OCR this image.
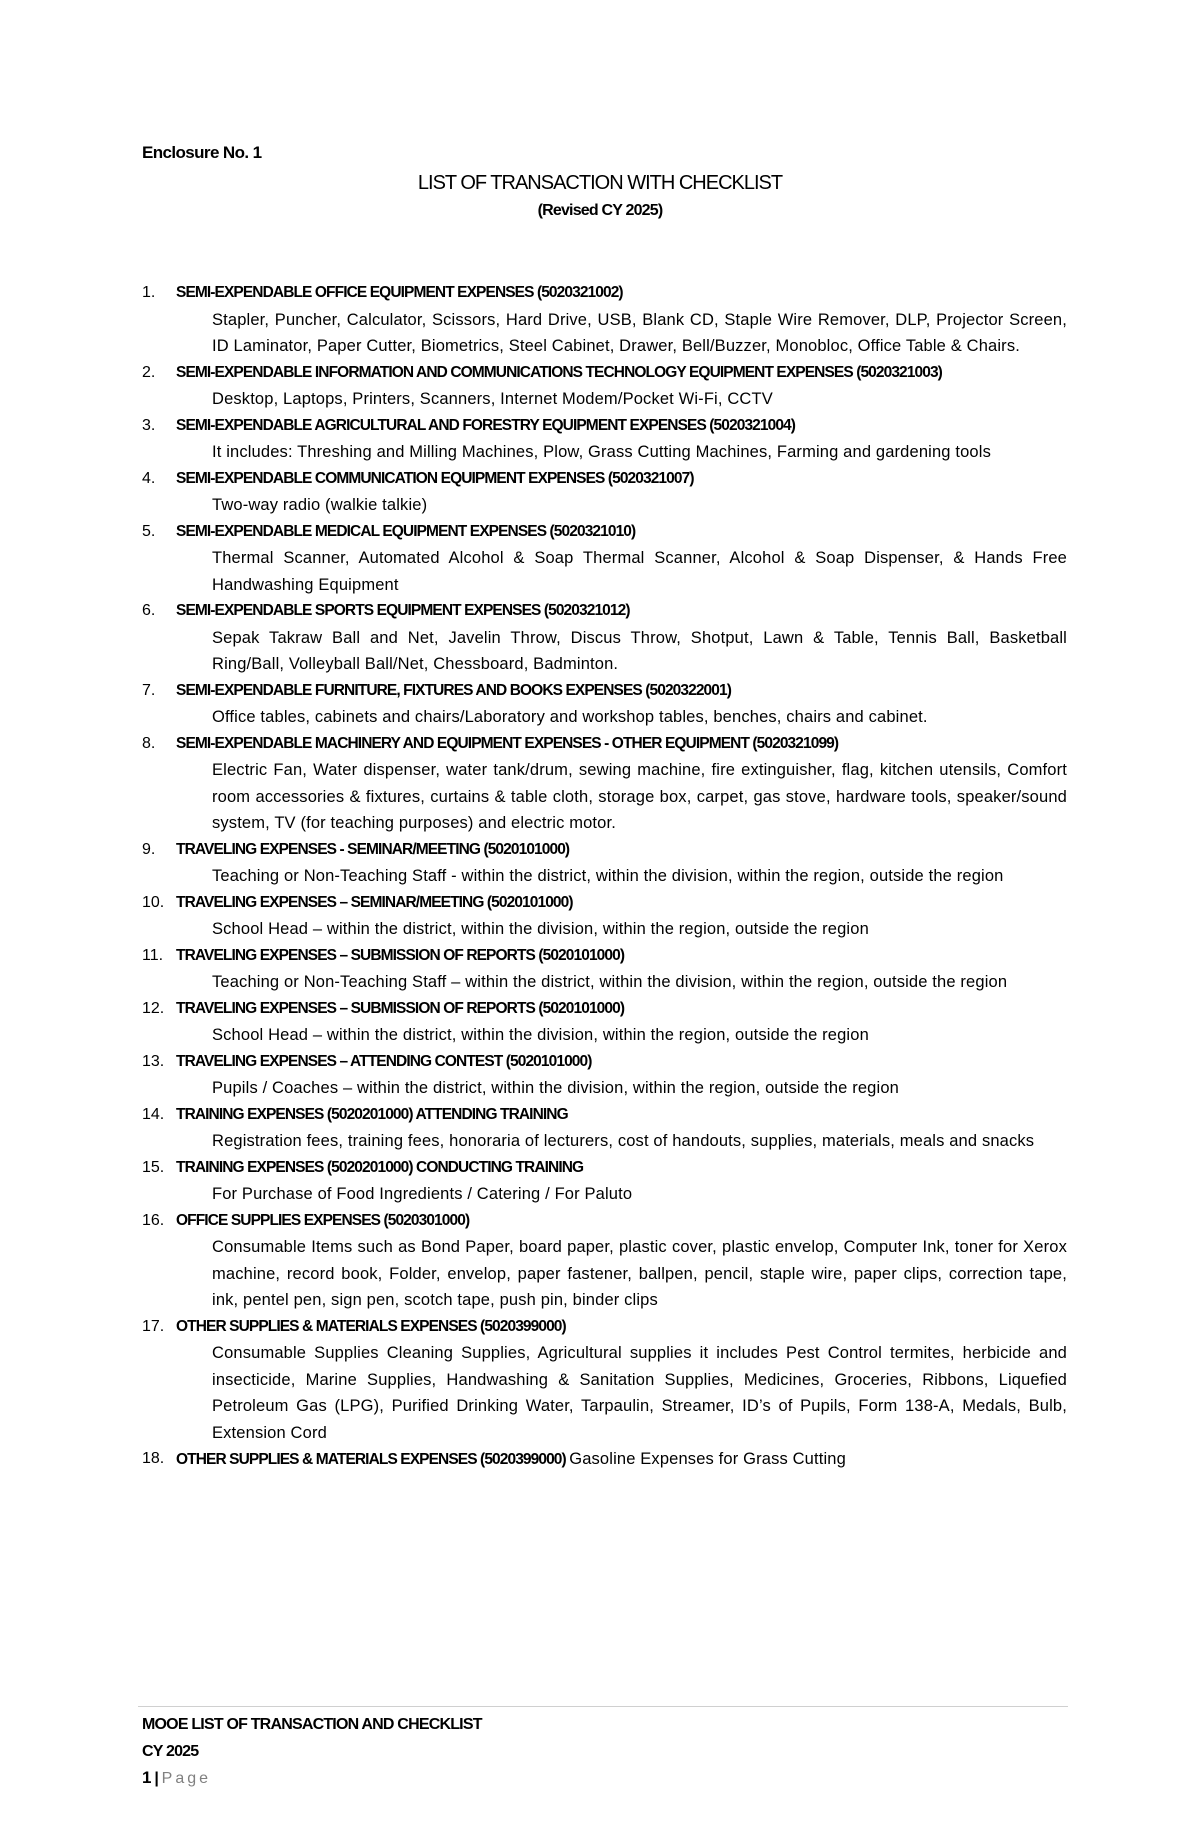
Enclosure No. 1
LIST OF TRANSACTION WITH CHECKLIST
(Revised CY 2025)
1. SEMI-EXPENDABLE OFFICE EQUIPMENT EXPENSES (5020321002)
Stapler, Puncher, Calculator, Scissors, Hard Drive, USB, Blank CD, Staple Wire Remover, DLP, Projector Screen, ID Laminator, Paper Cutter, Biometrics, Steel Cabinet, Drawer, Bell/Buzzer, Monobloc, Office Table & Chairs.
2. SEMI-EXPENDABLE INFORMATION AND COMMUNICATIONS TECHNOLOGY EQUIPMENT EXPENSES (5020321003)
Desktop, Laptops, Printers, Scanners, Internet Modem/Pocket Wi-Fi, CCTV
3. SEMI-EXPENDABLE AGRICULTURAL AND FORESTRY EQUIPMENT EXPENSES (5020321004)
It includes: Threshing and Milling Machines, Plow, Grass Cutting Machines, Farming and gardening tools
4. SEMI-EXPENDABLE COMMUNICATION EQUIPMENT EXPENSES (5020321007)
Two-way radio (walkie talkie)
5. SEMI-EXPENDABLE MEDICAL EQUIPMENT EXPENSES (5020321010)
Thermal Scanner, Automated Alcohol & Soap Thermal Scanner, Alcohol & Soap Dispenser, & Hands Free Handwashing Equipment
6. SEMI-EXPENDABLE SPORTS EQUIPMENT EXPENSES (5020321012)
Sepak Takraw Ball and Net, Javelin Throw, Discus Throw, Shotput, Lawn & Table, Tennis Ball, Basketball Ring/Ball, Volleyball Ball/Net, Chessboard, Badminton.
7. SEMI-EXPENDABLE FURNITURE, FIXTURES AND BOOKS EXPENSES (5020322001)
Office tables, cabinets and chairs/Laboratory and workshop tables, benches, chairs and cabinet.
8. SEMI-EXPENDABLE MACHINERY AND EQUIPMENT EXPENSES - OTHER EQUIPMENT (5020321099)
Electric Fan, Water dispenser, water tank/drum, sewing machine, fire extinguisher, flag, kitchen utensils, Comfort room accessories & fixtures, curtains & table cloth, storage box, carpet, gas stove, hardware tools, speaker/sound system, TV (for teaching purposes) and electric motor.
9. TRAVELING EXPENSES - SEMINAR/MEETING (5020101000)
Teaching or Non-Teaching Staff - within the district, within the division, within the region, outside the region
10. TRAVELING EXPENSES – SEMINAR/MEETING (5020101000)
School Head – within the district, within the division, within the region, outside the region
11. TRAVELING EXPENSES – SUBMISSION OF REPORTS (5020101000)
Teaching or Non-Teaching Staff – within the district, within the division, within the region, outside the region
12. TRAVELING EXPENSES – SUBMISSION OF REPORTS (5020101000)
School Head – within the district, within the division, within the region, outside the region
13. TRAVELING EXPENSES – ATTENDING CONTEST (5020101000)
Pupils / Coaches – within the district, within the division, within the region, outside the region
14. TRAINING EXPENSES (5020201000) ATTENDING TRAINING
Registration fees, training fees, honoraria of lecturers, cost of handouts, supplies, materials, meals and snacks
15. TRAINING EXPENSES (5020201000) CONDUCTING TRAINING
For Purchase of Food Ingredients / Catering / For Paluto
16. OFFICE SUPPLIES EXPENSES (5020301000)
Consumable Items such as Bond Paper, board paper, plastic cover, plastic envelop, Computer Ink, toner for Xerox machine, record book, Folder, envelop, paper fastener, ballpen, pencil, staple wire, paper clips, correction tape, ink, pentel pen, sign pen, scotch tape, push pin, binder clips
17. OTHER SUPPLIES & MATERIALS EXPENSES (5020399000)
Consumable Supplies Cleaning Supplies, Agricultural supplies it includes Pest Control termites, herbicide and insecticide, Marine Supplies, Handwashing & Sanitation Supplies, Medicines, Groceries, Ribbons, Liquefied Petroleum Gas (LPG), Purified Drinking Water, Tarpaulin, Streamer, ID’s of Pupils, Form 138-A, Medals, Bulb, Extension Cord
18. OTHER SUPPLIES & MATERIALS EXPENSES (5020399000) Gasoline Expenses for Grass Cutting
MOOE LIST OF TRANSACTION AND CHECKLIST
CY 2025
1 | Page
